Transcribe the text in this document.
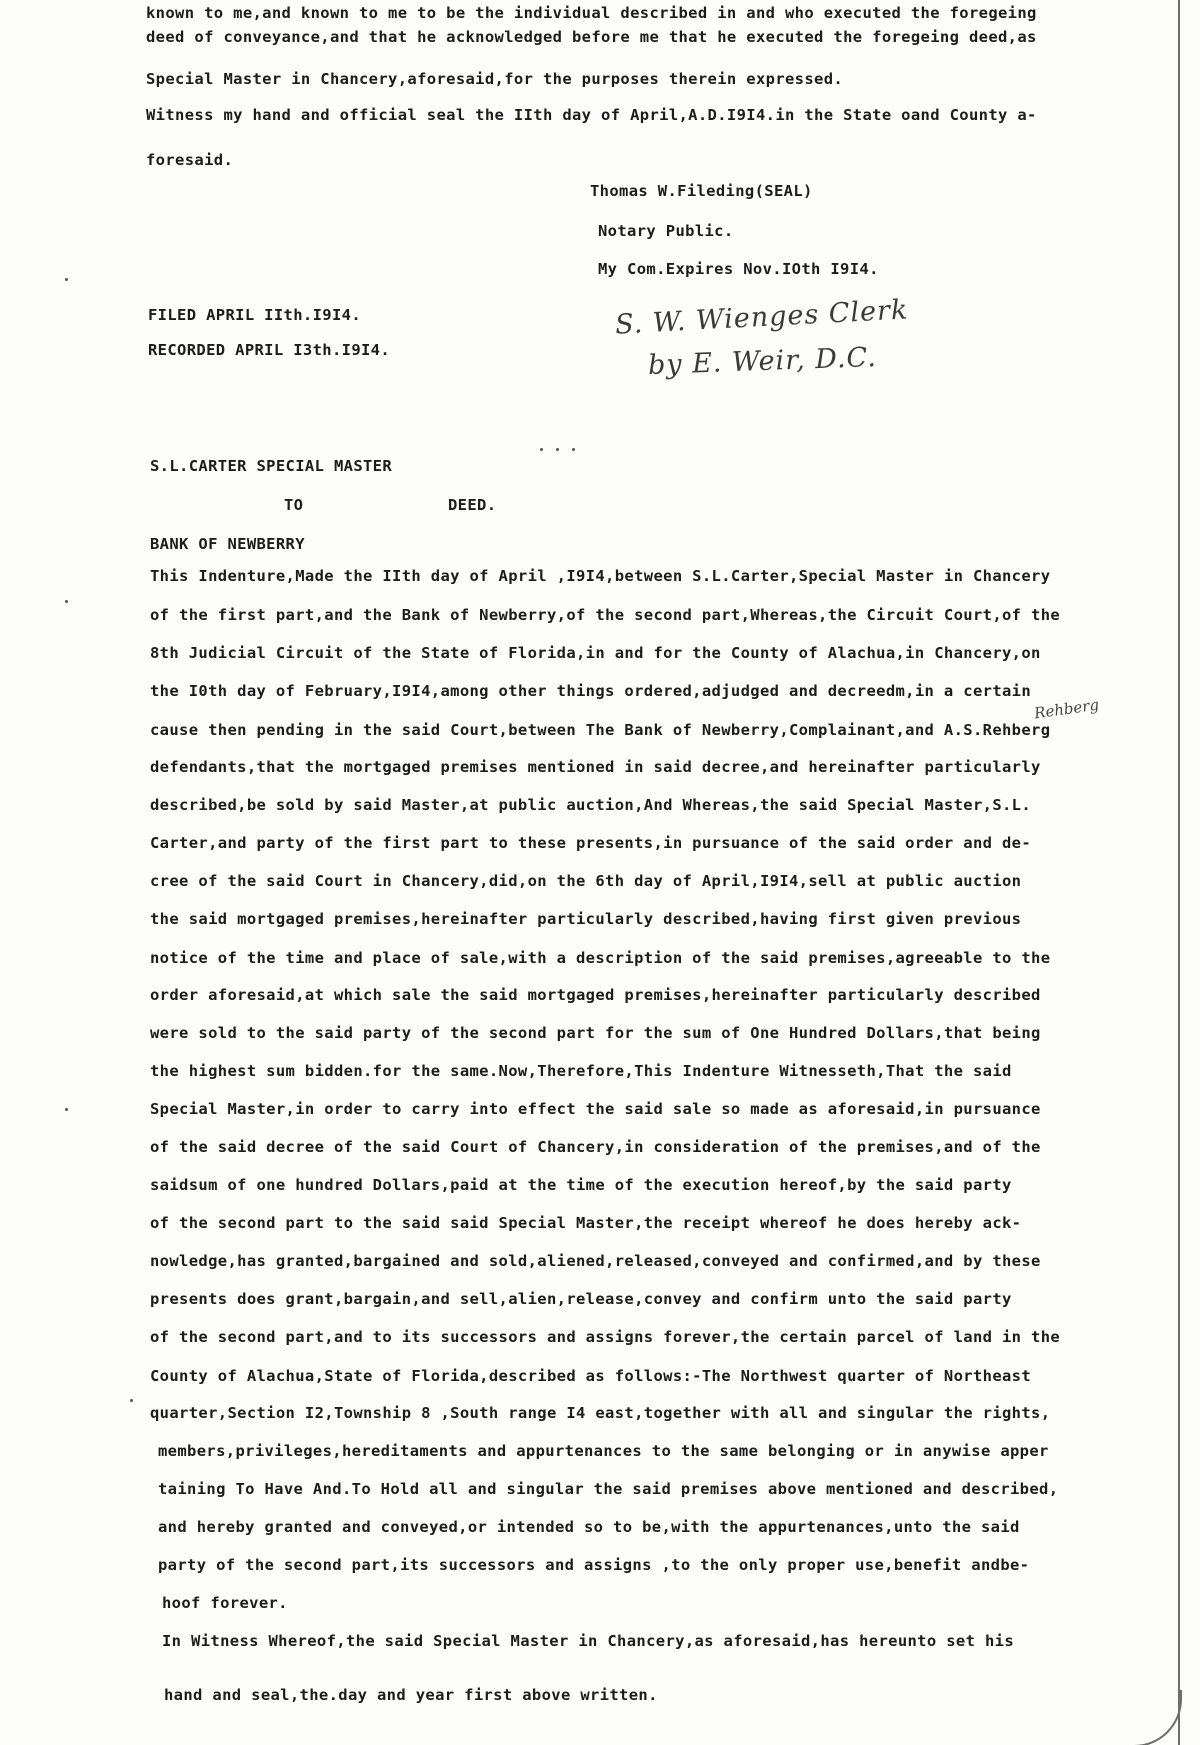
known to me,and known to me to be the individual described in and who executed the foregeing
deed of conveyance,and that he acknowledged before me that he executed the foregeing deed,as
Special Master in Chancery,aforesaid,for the purposes therein expressed.
Witness my hand and official seal the IIth day of April,A.D.I9I4.in the State oand County a-
foresaid.
Thomas W.Fileding(SEAL)
Notary Public.
My Com.Expires Nov.IOth I9I4.
FILED APRIL IIth.I9I4.
RECORDED APRIL I3th.I9I4.
S. W. Wienges Clerk
by E. Weir, D.C.
S.L.CARTER SPECIAL MASTER
TO	DEED.
BANK OF NEWBERRY
Rehberg
This Indenture,Made the IIth day of April ,I9I4,between S.L.Carter,Special Master in Chancery
of the first part,and the Bank of Newberry,of the second part,Whereas,the Circuit Court,of the
8th Judicial Circuit of the State of Florida,in and for the County of Alachua,in Chancery,on
the I0th day of February,I9I4,among other things ordered,adjudged and decreedm,in a certain
cause then pending in the said Court,between The Bank of Newberry,Complainant,and A.S.Rehberg
defendants,that the mortgaged premises mentioned in said decree,and hereinafter particularly
described,be sold by said Master,at public auction,And Whereas,the said Special Master,S.L.
Carter,and party of the first part to these presents,in pursuance of the said order and de-
cree of the said Court in Chancery,did,on the 6th day of April,I9I4,sell at public auction
the said mortgaged premises,hereinafter particularly described,having first given previous
notice of the time and place of sale,with a description of the said premises,agreeable to the
order aforesaid,at which sale the said mortgaged premises,hereinafter particularly described
were sold to the said party of the second part for the sum of One Hundred Dollars,that being
the highest sum bidden.for the same.Now,Therefore,This Indenture Witnesseth,That the said
Special Master,in order to carry into effect the said sale so made as aforesaid,in pursuance
of the said decree of the said Court of Chancery,in consideration of the premises,and of the
saidsum of one hundred Dollars,paid at the time of the execution hereof,by the said party
of the second part to the said said Special Master,the receipt whereof he does hereby ack-
nowledge,has granted,bargained and sold,aliened,released,conveyed and confirmed,and by these
presents does grant,bargain,and sell,alien,release,convey and confirm unto the said party
of the second part,and to its successors and assigns forever,the certain parcel of land in the
County of Alachua,State of Florida,described as follows:-The Northwest quarter of Northeast
quarter,Section I2,Township 8 ,South range I4 east,together with all and singular the rights,
members,privileges,hereditaments and appurtenances to the same belonging or in anywise apper
taining To Have And.To Hold all and singular the said premises above mentioned and described,
and hereby granted and conveyed,or intended so to be,with the appurtenances,unto the said
party of the second part,its successors and assigns ,to the only proper use,benefit andbe-
hoof forever.
In Witness Whereof,the said Special Master in Chancery,as aforesaid,has hereunto set his
hand and seal,the.day and year first above written.
